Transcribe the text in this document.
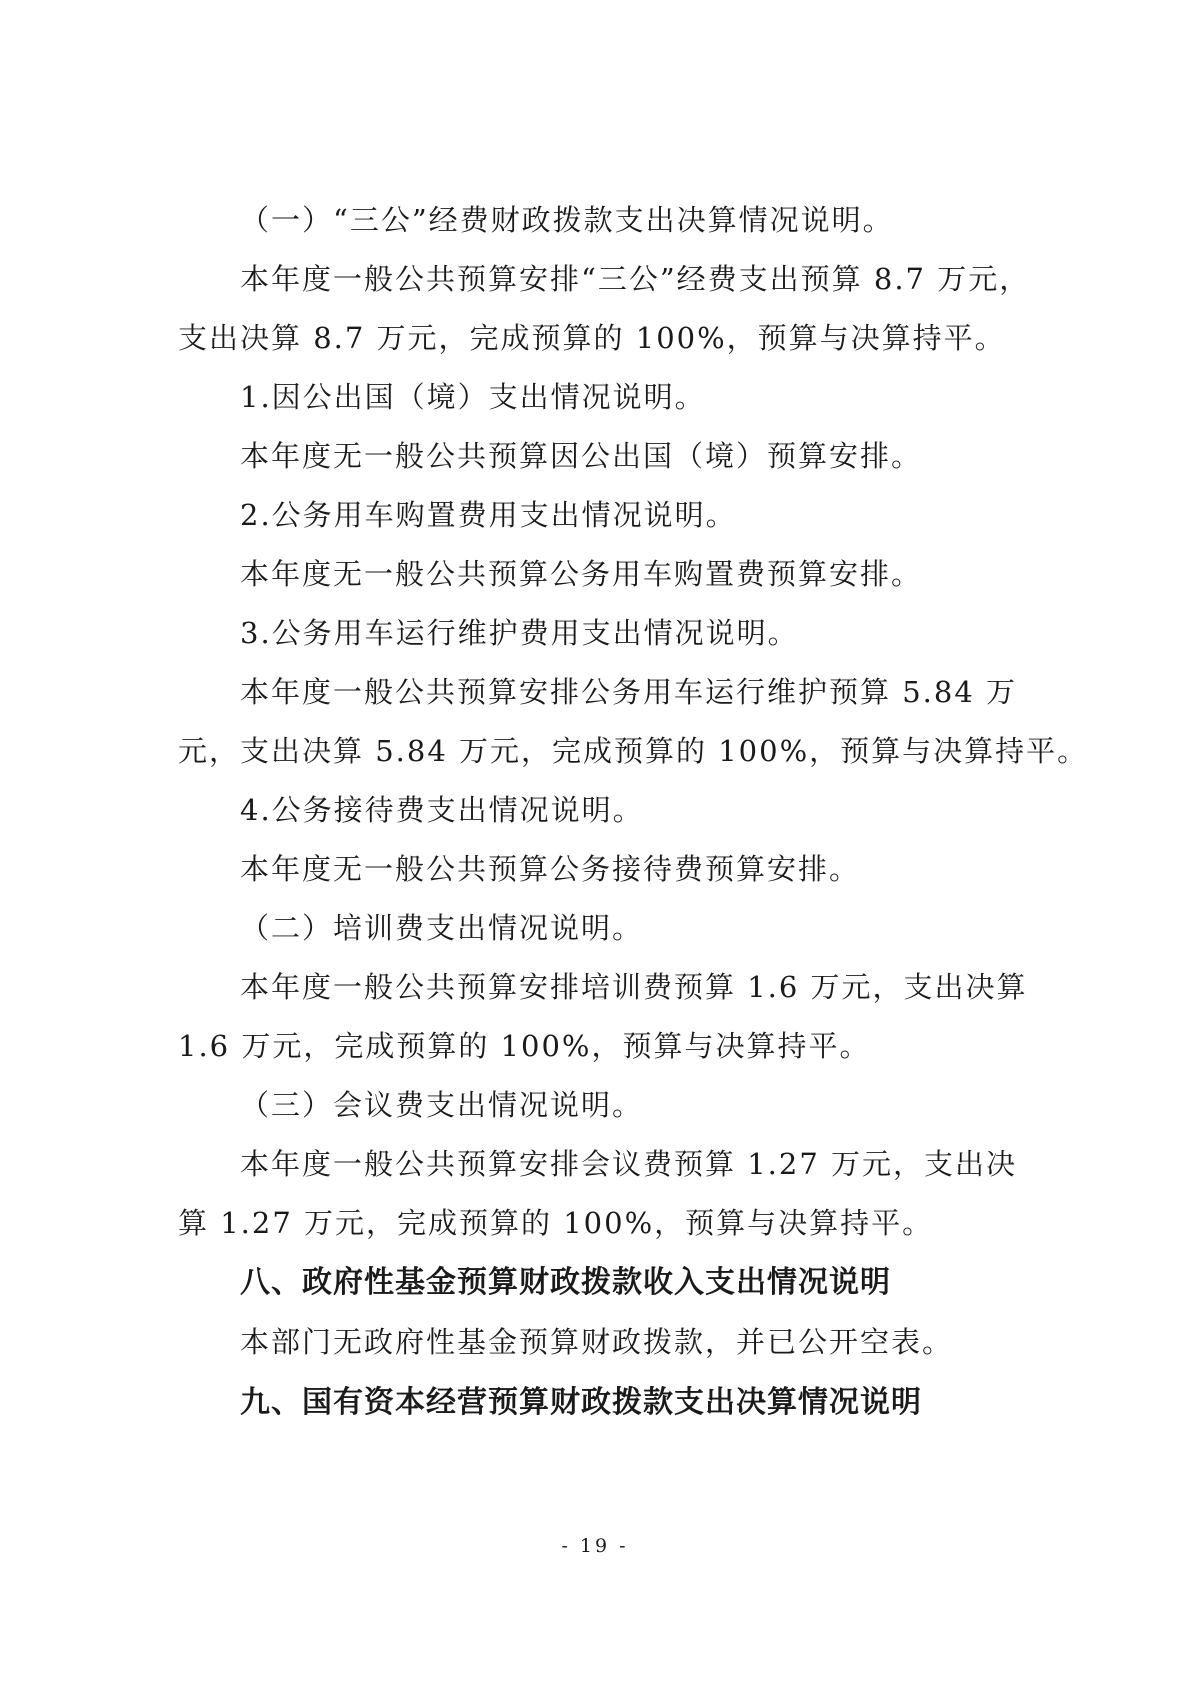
（一）“三公”经费财政拨款支出决算情况说明。
本年度一般公共预算安排“三公”经费支出预算 8.7 万元，
支出决算 8.7 万元，完成预算的 100%，预算与决算持平。
1.因公出国（境）支出情况说明。
本年度无一般公共预算因公出国（境）预算安排。
2.公务用车购置费用支出情况说明。
本年度无一般公共预算公务用车购置费预算安排。
3.公务用车运行维护费用支出情况说明。
本年度一般公共预算安排公务用车运行维护预算 5.84 万
元，支出决算 5.84 万元，完成预算的 100%，预算与决算持平。
4.公务接待费支出情况说明。
本年度无一般公共预算公务接待费预算安排。
（二）培训费支出情况说明。
本年度一般公共预算安排培训费预算 1.6 万元，支出决算
1.6 万元，完成预算的 100%，预算与决算持平。
（三）会议费支出情况说明。
本年度一般公共预算安排会议费预算 1.27 万元，支出决
算 1.27 万元，完成预算的 100%，预算与决算持平。
八、政府性基金预算财政拨款收入支出情况说明
本部门无政府性基金预算财政拨款，并已公开空表。
九、国有资本经营预算财政拨款支出决算情况说明
- 19 -
